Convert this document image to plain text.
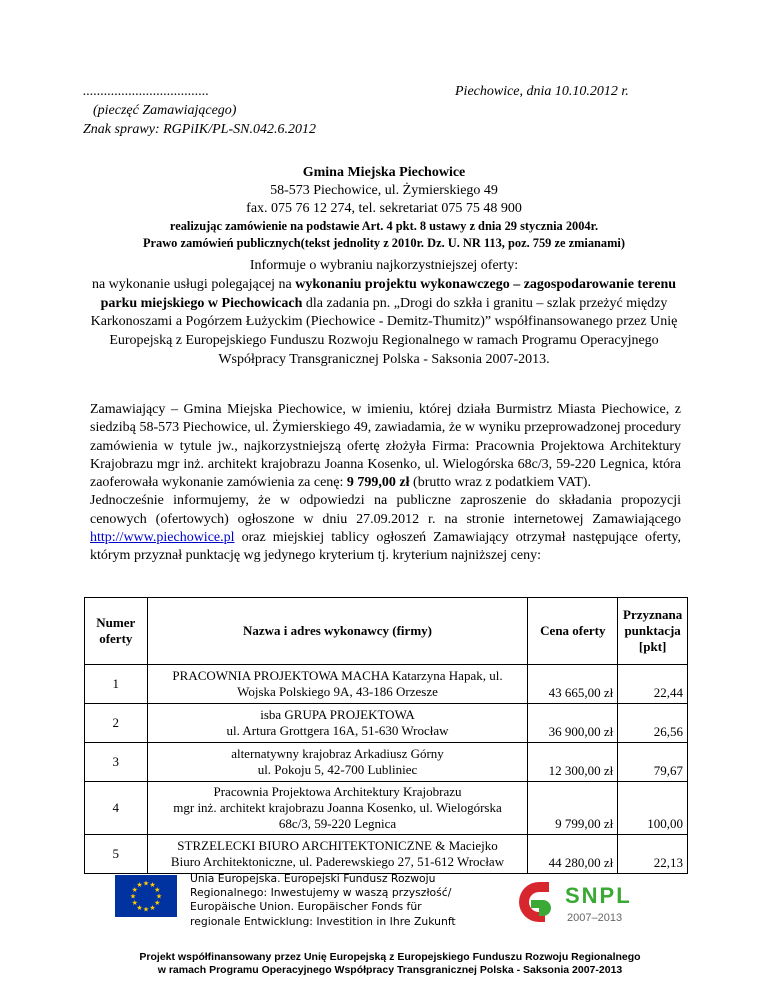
....................................
(pieczęć Zamawiającego)
Znak sprawy: RGPiIK/PL-SN.042.6.2012
Piechowice, dnia 10.10.2012 r.
Gmina Miejska Piechowice
58-573 Piechowice, ul. Żymierskiego 49
fax. 075 76 12 274, tel. sekretariat 075 75 48 900
realizując zamówienie na podstawie Art. 4 pkt. 8 ustawy z dnia 29 stycznia 2004r.
Prawo zamówień publicznych(tekst jednolity z 2010r. Dz. U. NR 113, poz. 759 ze zmianami)
Informuje o wybraniu najkorzystniejszej oferty:
na wykonanie usługi polegającej na wykonaniu projektu wykonawczego – zagospodarowanie terenu parku miejskiego w Piechowicach dla zadania pn. „Drogi do szkła i granitu – szlak przeżyć między Karkonoszami a Pogórzem Łużyckim (Piechowice - Demitz-Thumitz)” współfinansowanego przez Unię Europejską z Europejskiego Funduszu Rozwoju Regionalnego w ramach Programu Operacyjnego Współpracy Transgranicznej Polska - Saksonia 2007-2013.

Zamawiający – Gmina Miejska Piechowice, w imieniu, której działa Burmistrz Miasta Piechowice, z siedzibą 58-573 Piechowice, ul. Żymierskiego 49, zawiadamia, że w wyniku przeprowadzonej procedury zamówienia w tytule jw., najkorzystniejszą ofertę złożyła Firma: Pracownia Projektowa Architektury Krajobrazu mgr inż. architekt krajobrazu Joanna Kosenko, ul. Wielogórska 68c/3, 59-220 Legnica, która zaoferowała wykonanie zamówienia za cenę: 9 799,00 zł (brutto wraz z podatkiem VAT).

Jednocześnie informujemy, że w odpowiedzi na publiczne zaproszenie do składania propozycji cenowych (ofertowych) ogłoszone w dniu 27.09.2012 r. na stronie internetowej Zamawiającego http://www.piechowice.pl oraz miejskiej tablicy ogłoszeń Zamawiający otrzymał następujące oferty, którym przyznał punktację wg jedynego kryterium tj. kryterium najniższej ceny:

Numer oferty	Nazwa i adres wykonawcy (firmy)	Cena oferty	Przyznana punktacja [pkt]
1	PRACOWNIA PROJEKTOWA MACHA Katarzyna Hapak, ul.
Wojska Polskiego 9A, 43-186 Orzesze	43 665,00 zł	22,44
2	isba GRUPA PROJEKTOWA
ul. Artura Grottgera 16A, 51-630 Wrocław	36 900,00 zł	26,56
3	alternatywny krajobraz Arkadiusz Górny
ul. Pokoju 5, 42-700 Lubliniec	12 300,00 zł	79,67
4	Pracownia Projektowa Architektury Krajobrazu
mgr inż. architekt krajobrazu Joanna Kosenko, ul. Wielogórska
68c/3, 59-220 Legnica	9 799,00 zł	100,00
5	STRZELECKI BIURO ARCHITEKTONICZNE & Maciejko
Biuro Architektoniczne, ul. Paderewskiego 27, 51-612 Wrocław	44 280,00 zł	22,13
★
★
★
★
★
★
★
★
★ ★ ★
★
Unia Europejska. Europejski Fundusz Rozwoju
Regionalnego: Inwestujemy w waszą przyszłość/
Europäische Union. Europäischer Fonds für
regionale Entwicklung: Investition in Ihre Zukunft
SNPL
2007–2013
Projekt współfinansowany przez Unię Europejską z Europejskiego Funduszu Rozwoju Regionalnego
w ramach Programu Operacyjnego Współpracy Transgranicznej Polska - Saksonia 2007-2013
